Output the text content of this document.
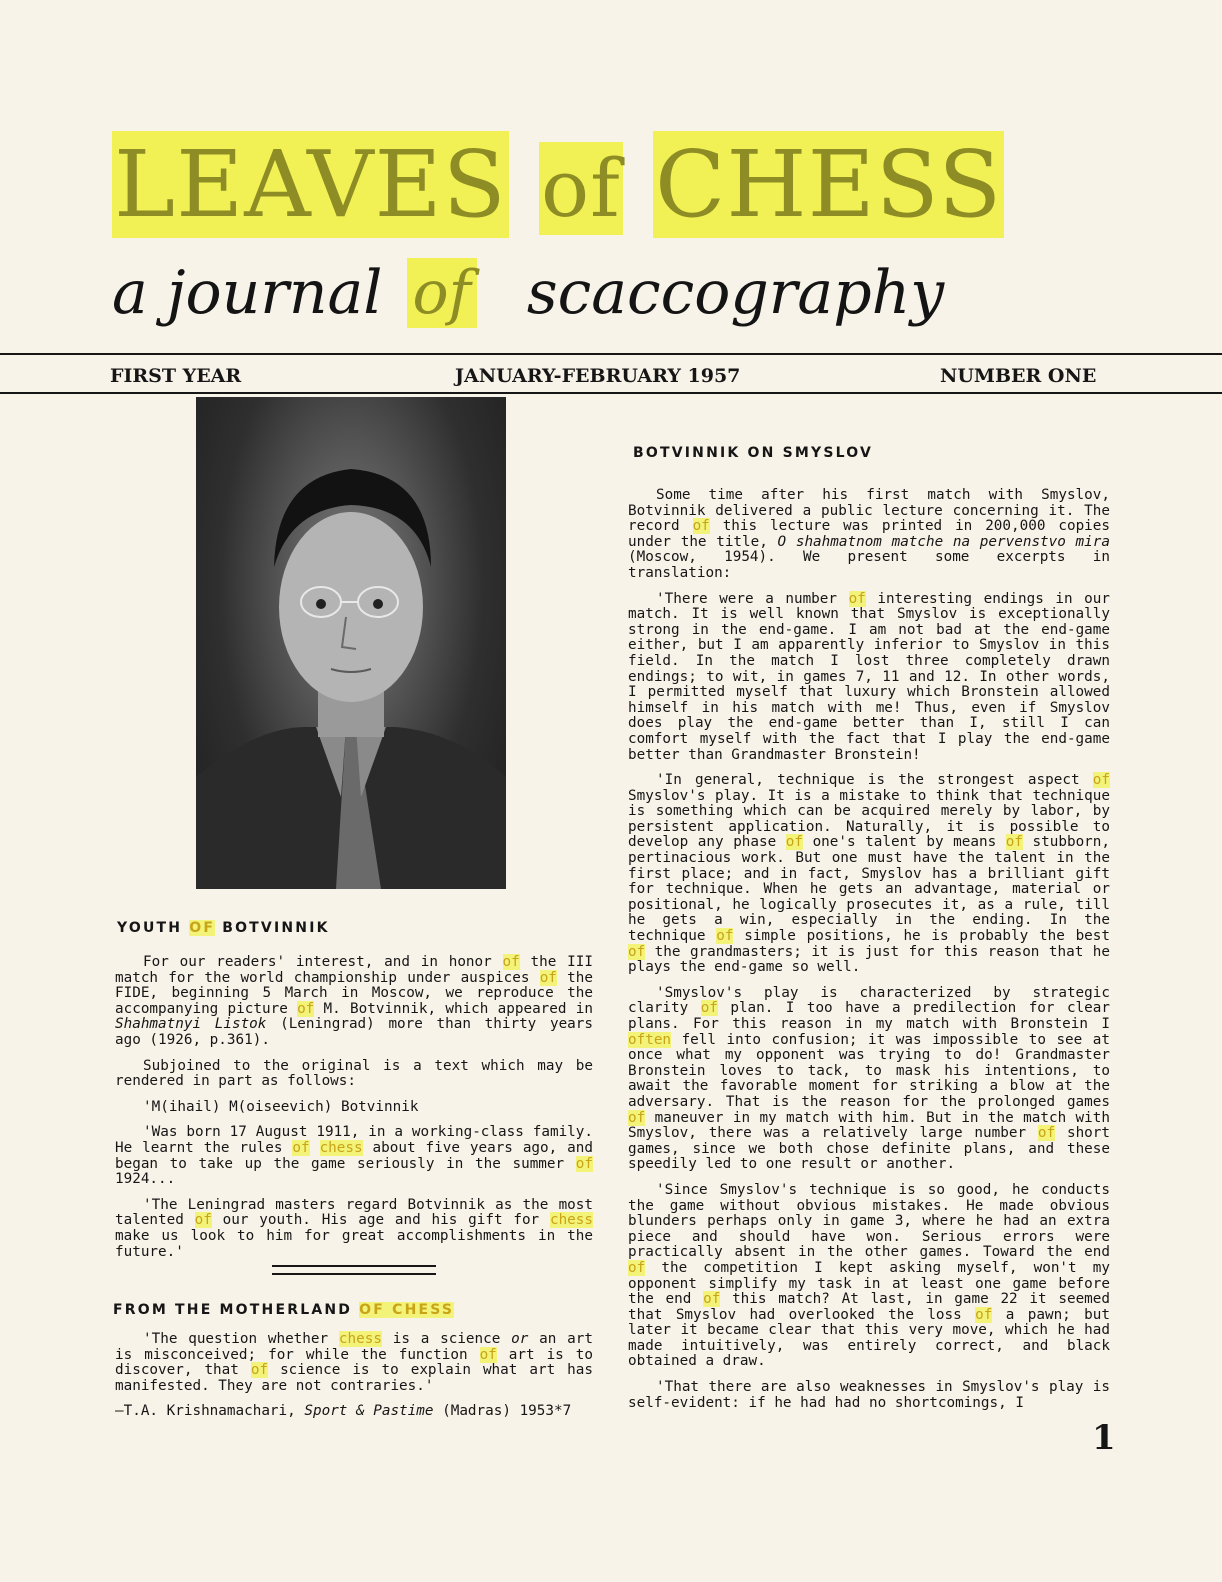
LEAVES of CHESS
a journal of scaccography
FIRST YEAR	JANUARY-FEBRUARY 1957	NUMBER ONE
YOUTH OF BOTVINNIK

For our readers' interest, and in honor of the III match for the world championship under auspices of the FIDE, beginning 5 March in Moscow, we reproduce the accompanying picture of M. Botvinnik, which appeared in Shahmatnyi Listok (Leningrad) more than thirty years ago (1926, p.361).

Subjoined to the original is a text which may be rendered in part as follows:

'M(ihail) M(oiseevich) Botvinnik

'Was born 17 August 1911, in a working-class family. He learnt the rules of chess about five years ago, and began to take up the game seriously in the summer of 1924...

'The Leningrad masters regard Botvinnik as the most talented of our youth. His age and his gift for chess make us look to him for great accomplishments in the future.'

FROM THE MOTHERLAND OF CHESS

'The question whether chess is a science or an art is misconceived; for while the function of art is to discover, that of science is to explain what art has manifested. They are not contraries.'

—T.A. Krishnamachari, Sport & Pastime (Madras) 1953*7

BOTVINNIK ON SMYSLOV

Some time after his first match with Smyslov, Botvinnik delivered a public lecture concerning it. The record of this lecture was printed in 200,000 copies under the title, O shahmatnom matche na pervenstvo mira (Moscow, 1954). We present some excerpts in translation:

'There were a number of interesting endings in our match. It is well known that Smyslov is exceptionally strong in the end-game. I am not bad at the end-game either, but I am apparently inferior to Smyslov in this field. In the match I lost three completely drawn endings; to wit, in games 7, 11 and 12. In other words, I permitted myself that luxury which Bronstein allowed himself in his match with me! Thus, even if Smyslov does play the end-game better than I, still I can comfort myself with the fact that I play the end-game better than Grandmaster Bronstein!

'In general, technique is the strongest aspect of Smyslov's play. It is a mistake to think that technique is something which can be acquired merely by labor, by persistent application. Naturally, it is possible to develop any phase of one's talent by means of stubborn, pertinacious work. But one must have the talent in the first place; and in fact, Smyslov has a brilliant gift for technique. When he gets an advantage, material or positional, he logically prosecutes it, as a rule, till he gets a win, especially in the ending. In the technique of simple positions, he is probably the best of the grandmasters; it is just for this reason that he plays the end-game so well.

'Smyslov's play is characterized by strategic clarity of plan. I too have a predilection for clear plans. For this reason in my match with Bronstein I often fell into confusion; it was impossible to see at once what my opponent was trying to do! Grandmaster Bronstein loves to tack, to mask his intentions, to await the favorable moment for striking a blow at the adversary. That is the reason for the prolonged games of maneuver in my match with him. But in the match with Smyslov, there was a relatively large number of short games, since we both chose definite plans, and these speedily led to one result or another.

'Since Smyslov's technique is so good, he conducts the game without obvious mistakes. He made obvious blunders perhaps only in game 3, where he had an extra piece and should have won. Serious errors were practically absent in the other games. Toward the end of the competition I kept asking myself, won't my opponent simplify my task in at least one game before the end of this match? At last, in game 22 it seemed that Smyslov had overlooked the loss of a pawn; but later it became clear that this very move, which he had made intuitively, was entirely correct, and black obtained a draw.

'That there are also weaknesses in Smyslov's play is self-evident: if he had had no shortcomings, I

1
